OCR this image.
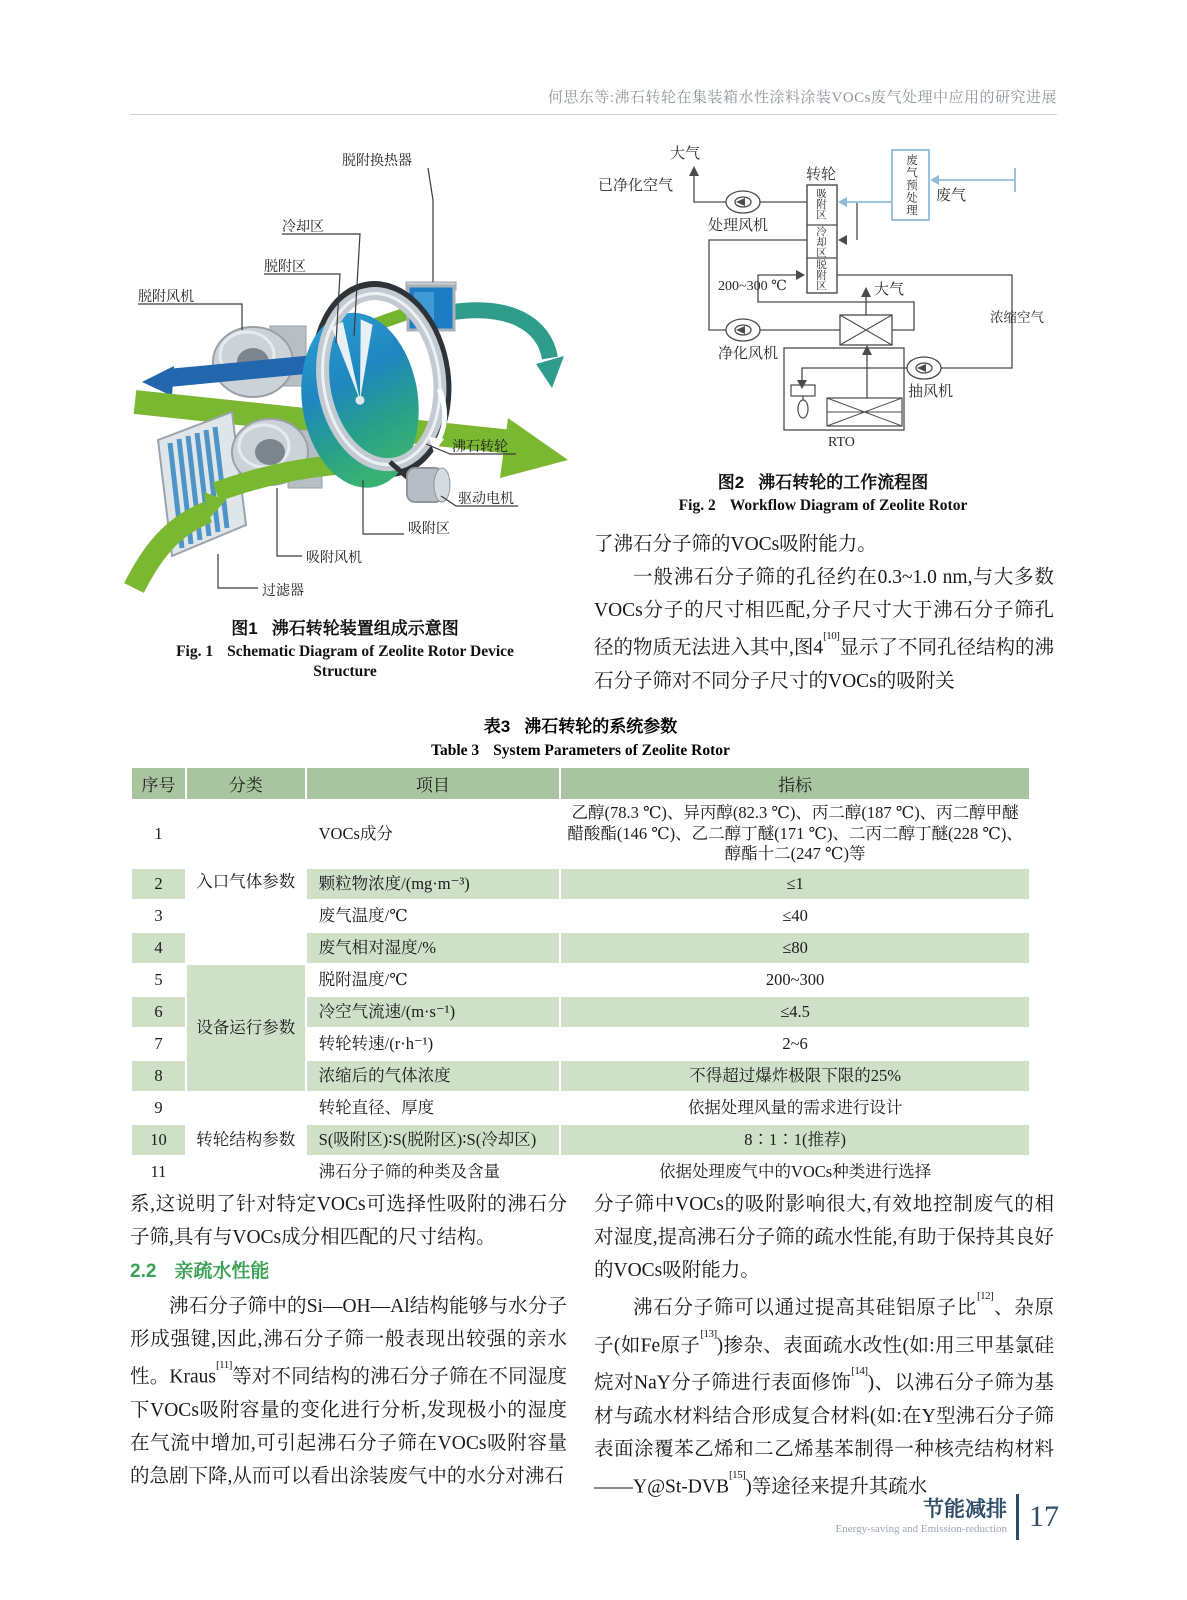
何思东等:沸石转轮在集装箱水性涂料涂装VOCs废气处理中应用的研究进展
脱附换热器
冷却区
脱附区
脱附风机
沸石转轮
驱动电机
吸附区
吸附风机
过滤器
图1 沸石转轮装置组成示意图
Fig. 1 Schematic Diagram of Zeolite Rotor Device
Structure
大气
已净化空气
处理风机
转轮
吸附区
冷却区
脱附区
废气预处理 废气
200~300 ℃	大气
浓缩空气
净化风机
抽风机
RTO
图2 沸石转轮的工作流程图
Fig. 2 Workflow Diagram of Zeolite Rotor

了沸石分子筛的VOCs吸附能力。

一般沸石分子筛的孔径约在0.3~1.0 nm,与大多数VOCs分子的尺寸相匹配,分子尺寸大于沸石分子筛孔径的物质无法进入其中,图4[10]显示了不同孔径结构的沸石分子筛对不同分子尺寸的VOCs的吸附关

表3 沸石转轮的系统参数
Table 3 System Parameters of Zeolite Rotor
序号	分类	项目	指标
1	入口气体参数	VOCs成分	乙醇(78.3 ℃)、异丙醇(82.3 ℃)、丙二醇(187 ℃)、丙二醇甲醚醋酸酯(146 ℃)、乙二醇丁醚(171 ℃)、二丙二醇丁醚(228 ℃)、醇酯十二(247 ℃)等
2		颗粒物浓度/(mg·m⁻³)	≤1
3		废气温度/℃	≤40
4		废气相对湿度/%	≤80
5	设备运行参数	脱附温度/℃	200~300
6		冷空气流速/(m·s⁻¹)	≤4.5
7		转轮转速/(r·h⁻¹)	2~6
8		浓缩后的气体浓度	不得超过爆炸极限下限的25%
9	转轮结构参数	转轮直径、厚度	依据处理风量的需求进行设计
10		S(吸附区)∶S(脱附区)∶S(冷却区)	8∶1∶1(推荐)
11		沸石分子筛的种类及含量	依据处理废气中的VOCs种类进行选择

系,这说明了针对特定VOCs可选择性吸附的沸石分子筛,具有与VOCs成分相匹配的尺寸结构。

2.2 亲疏水性能

沸石分子筛中的Si—OH—Al结构能够与水分子形成强键,因此,沸石分子筛一般表现出较强的亲水性。Kraus[11]等对不同结构的沸石分子筛在不同湿度下VOCs吸附容量的变化进行分析,发现极小的湿度在气流中增加,可引起沸石分子筛在VOCs吸附容量的急剧下降,从而可以看出涂装废气中的水分对沸石

分子筛中VOCs的吸附影响很大,有效地控制废气的相对湿度,提高沸石分子筛的疏水性能,有助于保持其良好的VOCs吸附能力。

沸石分子筛可以通过提高其硅铝原子比[12]、杂原子(如Fe原子[13])掺杂、表面疏水改性(如:用三甲基氯硅烷对NaY分子筛进行表面修饰[14])、以沸石分子筛为基材与疏水材料结合形成复合材料(如:在Y型沸石分子筛表面涂覆苯乙烯和二乙烯基苯制得一种核壳结构材料——Y@St-DVB[15])等途径来提升其疏水

节能减排
Energy-saving and Emission-reduction 17
